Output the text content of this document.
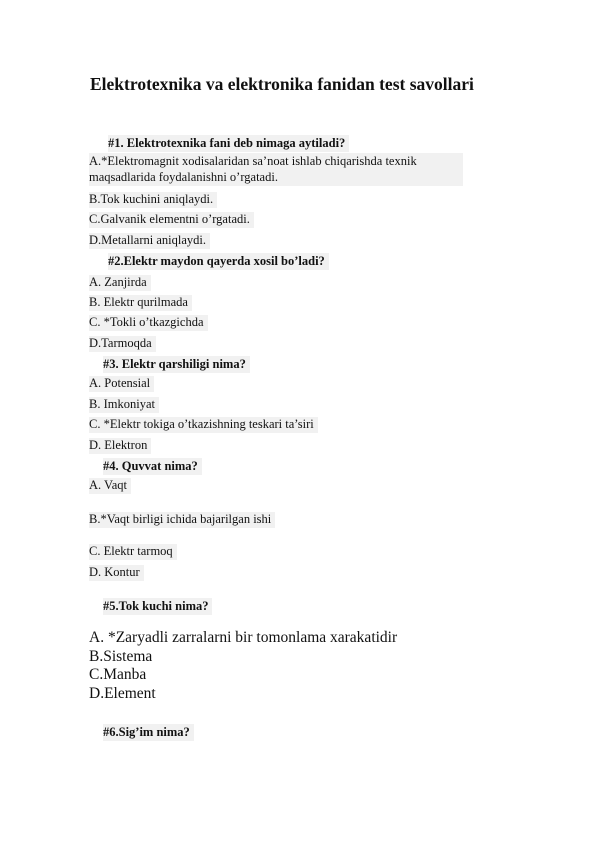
Elektrotexnika va elektronika fanidan test savollari
#1. Elektrotexnika fani deb nimaga aytiladi?
A.*Elektromagnit xodisalaridan sa’noat ishlab chiqarishda texnik maqsadlarida foydalanishni o’rgatadi.
B.Tok kuchini aniqlaydi.
C.Galvanik elementni o’rgatadi.
D.Metallarni aniqlaydi.
#2.Elektr maydon qayerda xosil bo’ladi?
A. Zanjirda
B. Elektr qurilmada
C. *Tokli o’tkazgichda
D.Tarmoqda
#3. Elektr qarshiligi nima?
A. Potensial
B. Imkoniyat
C. *Elektr tokiga o’tkazishning teskari ta’siri
D. Elektron
#4. Quvvat nima?
A. Vaqt
B.*Vaqt birligi ichida bajarilgan ishi
C. Elektr tarmoq
D. Kontur
#5.Tok kuchi nima?
A. *Zaryadli zarralarni bir tomonlama xarakatidir
B.Sistema
C.Manba
D.Element
#6.Sig’im nima?
